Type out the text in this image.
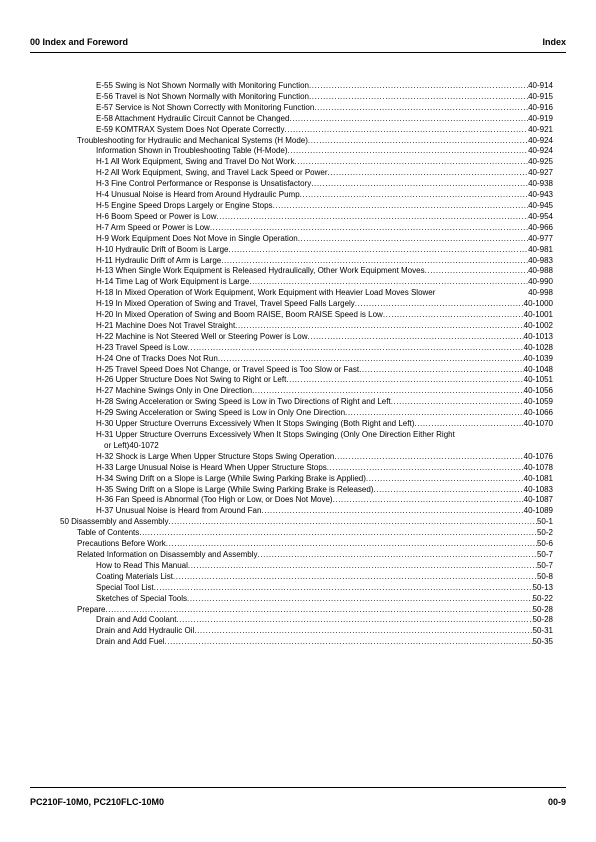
00 Index and Foreword	Index
E-55 Swing is Not Shown Normally with Monitoring Function .....	40-914
E-56 Travel is Not Shown Normally with Monitoring Function .....	40-915
E-57 Service is Not Shown Correctly with Monitoring Function .....	40-916
E-58 Attachment Hydraulic Circuit Cannot be Changed .....	40-919
E-59 KOMTRAX System Does Not Operate Correctly .....	40-921
Troubleshooting for Hydraulic and Mechanical Systems (H Mode) .....	40-924
Information Shown in Troubleshooting Table (H-Mode) .....	40-924
H-1 All Work Equipment, Swing and Travel Do Not Work .....	40-925
H-2 All Work Equipment, Swing, and Travel Lack Speed or Power .....	40-927
H-3 Fine Control Performance or Response is Unsatisfactory .....	40-938
H-4 Unusual Noise is Heard from Around Hydraulic Pump .....	40-943
H-5 Engine Speed Drops Largely or Engine Stops .....	40-945
H-6 Boom Speed or Power is Low .....	40-954
H-7 Arm Speed or Power is Low .....	40-966
H-9 Work Equipment Does Not Move in Single Operation .....	40-977
H-10 Hydraulic Drift of Boom is Large .....	40-981
H-11 Hydraulic Drift of Arm is Large .....	40-983
H-13 When Single Work Equipment is Released Hydraulically, Other Work Equipment Moves .....	40-988
H-14 Time Lag of Work Equipment is Large .....	40-990
H-18 In Mixed Operation of Work Equipment, Work Equipment with Heavier Load Moves Slower	40-998
H-19 In Mixed Operation of Swing and Travel, Travel Speed Falls Largely .....	40-1000
H-20 In Mixed Operation of Swing and Boom RAISE, Boom RAISE Speed is Low .....	40-1001
H-21 Machine Does Not Travel Straight .....	40-1002
H-22 Machine is Not Steered Well or Steering Power is Low .....	40-1013
H-23 Travel Speed is Low .....	40-1028
H-24 One of Tracks Does Not Run .....	40-1039
H-25 Travel Speed Does Not Change, or Travel Speed is Too Slow or Fast .....	40-1048
H-26 Upper Structure Does Not Swing to Right or Left .....	40-1051
H-27 Machine Swings Only in One Direction .....	40-1056
H-28 Swing Acceleration or Swing Speed is Low in Two Directions of Right and Left .....	40-1059
H-29 Swing Acceleration or Swing Speed is Low in Only One Direction .....	40-1066
H-30 Upper Structure Overruns Excessively When It Stops Swinging (Both Right and Left) .....	40-1070
H-31 Upper Structure Overruns Excessively When It Stops Swinging (Only One Direction Either Right
or Left) 40-1072
H-32 Shock is Large When Upper Structure Stops Swing Operation .....	40-1076
H-33 Large Unusual Noise is Heard When Upper Structure Stops .....	40-1078
H-34 Swing Drift on a Slope is Large (While Swing Parking Brake is Applied) .....	40-1081
H-35 Swing Drift on a Slope is Large (While Swing Parking Brake is Released) .....	40-1083
H-36 Fan Speed is Abnormal (Too High or Low, or Does Not Move) .....	40-1087
H-37 Unusual Noise is Heard from Around Fan .....	40-1089
50 Disassembly and Assembly .....	50-1
Table of Contents .....	50-2
Precautions Before Work .....	50-6
Related Information on Disassembly and Assembly .....	50-7
How to Read This Manual .....	50-7
Coating Materials List .....	50-8
Special Tool List .....	50-13
Sketches of Special Tools .....	50-22
Prepare .....	50-28
Drain and Add Coolant .....	50-28
Drain and Add Hydraulic Oil .....	50-31
Drain and Add Fuel .....	50-35
PC210F-10M0, PC210FLC-10M0	00-9
